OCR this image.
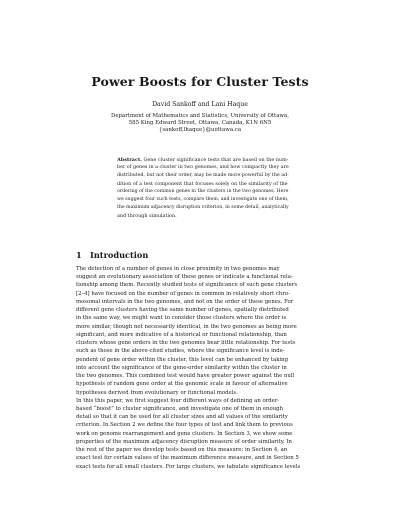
Power Boosts for Cluster Tests
David Sankoff and Lani Haque
Department of Mathematics and Statistics, University of Ottawa,
585 King Edward Street, Ottawa, Canada, K1N 6N5
{sankoff,lhaque}@uottawa.ca
Abstract. Gene cluster significance tests that are based on the num-
ber of genes in a cluster in two genomes, and how compactly they are
distributed, but not their order, may be made more powerful by the ad-
dition of a test component that focuses solely on the similarity of the
ordering of the common genes in the clusters in the two genomes. Here
we suggest four such tests, compare them, and investigate one of them,
the maximum adjacency disruption criterion, in some detail, analytically
and through simulation.
1 Introduction
The detection of a number of genes in close proximity in two genomes may
suggest an evolutionary association of these genes or indicate a functional rela-
tionship among them. Recently studied tests of significance of such gene clusters
[2–4] have focused on the number of genes in common in relatively short chro-
mosomal intervals in the two genomes, and not on the order of these genes. For
different gene clusters having the same number of genes, spatially distributed
in the same way, we might want to consider those clusters where the order is
more similar, though not necessarily identical, in the two genomes as being more
significant, and more indicative of a historical or functional relationship, than
clusters whose gene orders in the two genomes bear little relationship. For tests
such as those in the above-cited studies, where the significance level is inde-
pendent of gene order within the cluster, this level can be enhanced by taking
into account the significance of the gene-order similarity within the cluster in
the two genomes. This combined test would have greater power against the null
hypothesis of random gene order at the genomic scale in favour of alternative
hypotheses derived from evolutionary or functional models.
In this this paper, we first suggest four different ways of defining an order-
based “boost” to cluster significance, and investigate one of them in enough
detail so that it can be used for all cluster sizes and all values of the similarity
criterion. In Section 2 we define the four types of test and link them to previous
work on genome rearrangement and gene clusters. In Section 3, we show some
properties of the maximum adjacency disruption measure of order similarity. In
the rest of the paper we develop tests based on this measure; in Section 4, an
exact test for certain values of the maximum difference measure, and in Section 5
exact tests for all small clusters. For large clusters, we tabulate significance levels
